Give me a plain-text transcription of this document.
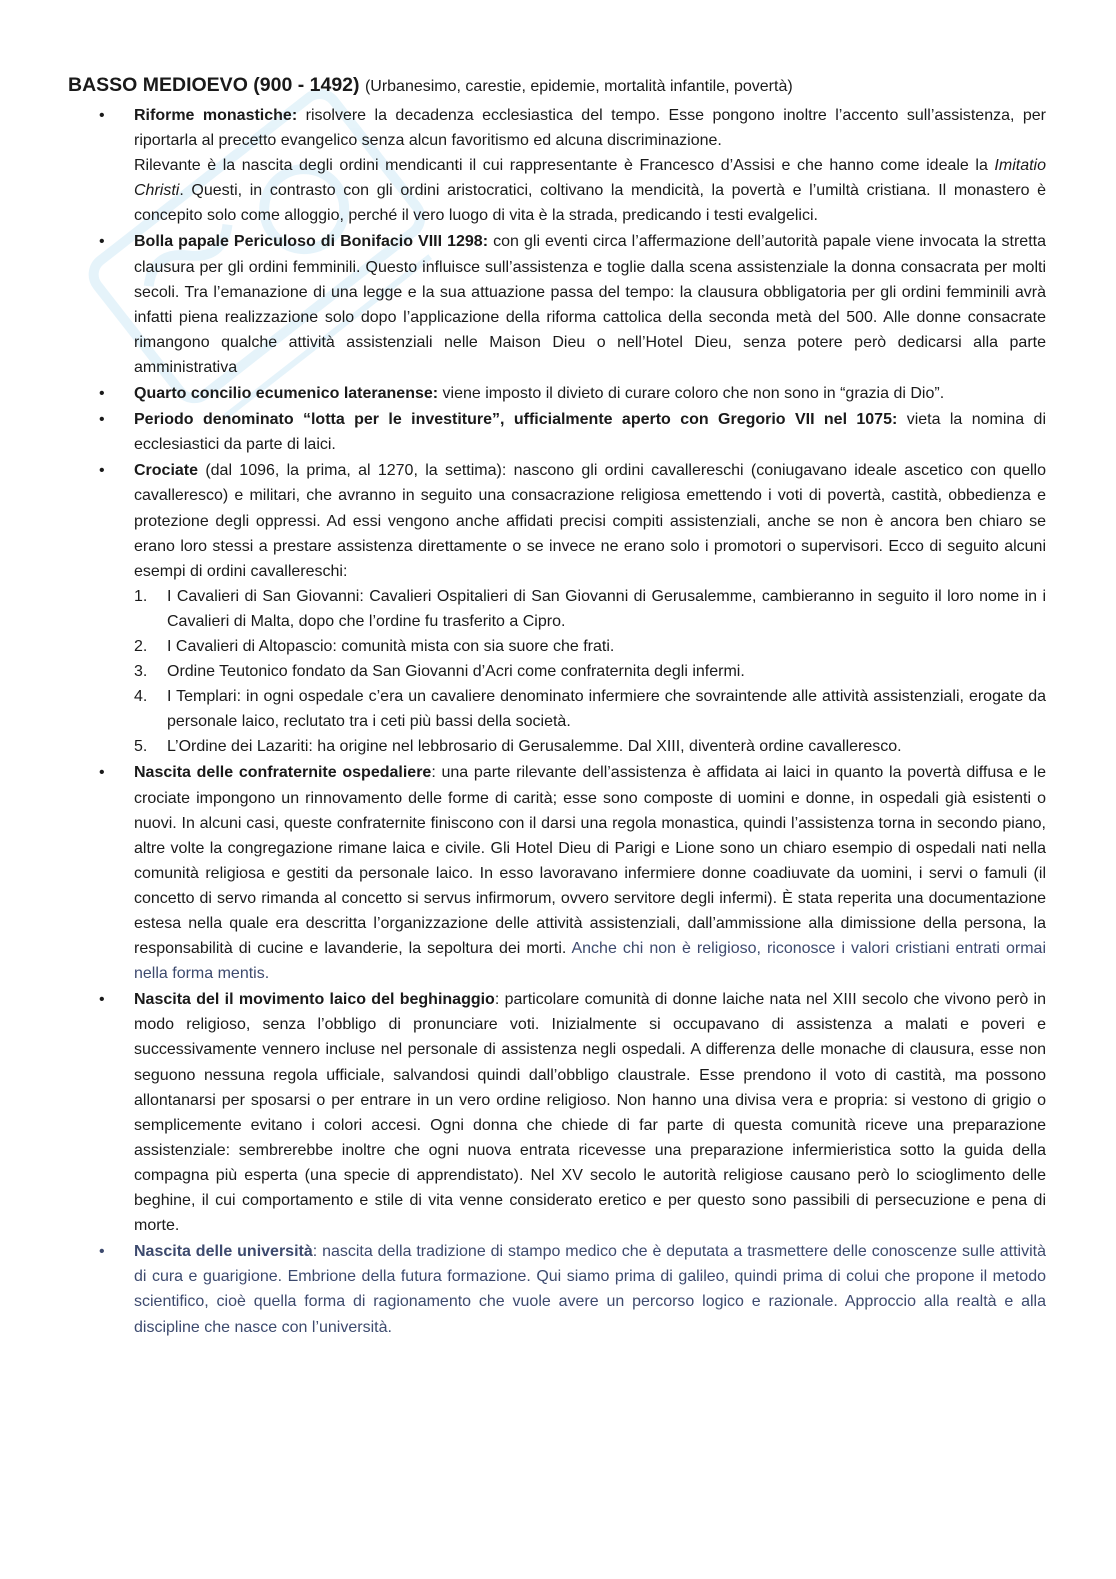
BASSO MEDIOEVO (900 - 1492) (Urbanesimo, carestie, epidemie, mortalità infantile, povertà)
•	Riforme monastiche: risolvere la decadenza ecclesiastica del tempo. Esse pongono inoltre l’accento sull’assistenza, per riportarla al precetto evangelico senza alcun favoritismo ed alcuna discriminazione.
Rilevante è la nascita degli ordini mendicanti il cui rappresentante è Francesco d’Assisi e che hanno come ideale la Imitatio Christi. Questi, in contrasto con gli ordini aristocratici, coltivano la mendicità, la povertà e l’umiltà cristiana. Il monastero è concepito solo come alloggio, perché il vero luogo di vita è la strada, predicando i testi evalgelici.
•	Bolla papale Periculoso di Bonifacio VIII 1298: con gli eventi circa l’affermazione dell’autorità papale viene invocata la stretta clausura per gli ordini femminili. Questo influisce sull’assistenza e toglie dalla scena assistenziale la donna consacrata per molti secoli. Tra l’emanazione di una legge e la sua attuazione passa del tempo: la clausura obbligatoria per gli ordini femminili avrà infatti piena realizzazione solo dopo l’applicazione della riforma cattolica della seconda metà del 500. Alle donne consacrate rimangono qualche attività assistenziali nelle Maison Dieu o nell’Hotel Dieu, senza potere però dedicarsi alla parte amministrativa
•	Quarto concilio ecumenico lateranense: viene imposto il divieto di curare coloro che non sono in “grazia di Dio”.
•	Periodo denominato “lotta per le investiture”, ufficialmente aperto con Gregorio VII nel 1075: vieta la nomina di ecclesiastici da parte di laici.
•	Crociate (dal 1096, la prima, al 1270, la settima): nascono gli ordini cavallereschi (coniugavano ideale ascetico con quello cavalleresco) e militari, che avranno in seguito una consacrazione religiosa emettendo i voti di povertà, castità, obbedienza e protezione degli oppressi. Ad essi vengono anche affidati precisi compiti assistenziali, anche se non è ancora ben chiaro se erano loro stessi a prestare assistenza direttamente o se invece ne erano solo i promotori o supervisori. Ecco di seguito alcuni esempi di ordini cavallereschi:
1. I Cavalieri di San Giovanni: Cavalieri Ospitalieri di San Giovanni di Gerusalemme, cambieranno in seguito il loro nome in i Cavalieri di Malta, dopo che l’ordine fu trasferito a Cipro.
2. I Cavalieri di Altopascio: comunità mista con sia suore che frati.
3. Ordine Teutonico fondato da San Giovanni d’Acri come confraternita degli infermi.
4. I Templari: in ogni ospedale c’era un cavaliere denominato infermiere che sovraintende alle attività assistenziali, erogate da personale laico, reclutato tra i ceti più bassi della società.
5. L’Ordine dei Lazariti: ha origine nel lebbrosario di Gerusalemme. Dal XIII, diventerà ordine cavalleresco.
•	Nascita delle confraternite ospedaliere: una parte rilevante dell’assistenza è affidata ai laici in quanto la povertà diffusa e le crociate impongono un rinnovamento delle forme di carità; esse sono composte di uomini e donne, in ospedali già esistenti o nuovi. In alcuni casi, queste confraternite finiscono con il darsi una regola monastica, quindi l’assistenza torna in secondo piano, altre volte la congregazione rimane laica e civile. Gli Hotel Dieu di Parigi e Lione sono un chiaro esempio di ospedali nati nella comunità religiosa e gestiti da personale laico. In esso lavoravano infermiere donne coadiuvate da uomini, i servi o famuli (il concetto di servo rimanda al concetto si servus infirmorum, ovvero servitore degli infermi). È stata reperita una documentazione estesa nella quale era descritta l’organizzazione delle attività assistenziali, dall’ammissione alla dimissione della persona, la responsabilità di cucine e lavanderie, la sepoltura dei morti. Anche chi non è religioso, riconosce i valori cristiani entrati ormai nella forma mentis.
•	Nascita del il movimento laico del beghinaggio: particolare comunità di donne laiche nata nel XIII secolo che vivono però in modo religioso, senza l’obbligo di pronunciare voti. Inizialmente si occupavano di assistenza a malati e poveri e successivamente vennero incluse nel personale di assistenza negli ospedali. A differenza delle monache di clausura, esse non seguono nessuna regola ufficiale, salvandosi quindi dall’obbligo claustrale. Esse prendono il voto di castità, ma possono allontanarsi per sposarsi o per entrare in un vero ordine religioso. Non hanno una divisa vera e propria: si vestono di grigio o semplicemente evitano i colori accesi. Ogni donna che chiede di far parte di questa comunità riceve una preparazione assistenziale: sembrerebbe inoltre che ogni nuova entrata ricevesse una preparazione infermieristica sotto la guida della compagna più esperta (una specie di apprendistato). Nel XV secolo le autorità religiose causano però lo scioglimento delle beghine, il cui comportamento e stile di vita venne considerato eretico e per questo sono passibili di persecuzione e pena di morte.
•	Nascita delle università: nascita della tradizione di stampo medico che è deputata a trasmettere delle conoscenze sulle attività di cura e guarigione. Embrione della futura formazione. Qui siamo prima di galileo, quindi prima di colui che propone il metodo scientifico, cioè quella forma di ragionamento che vuole avere un percorso logico e razionale. Approccio alla realtà e alla discipline che nasce con l’università.
